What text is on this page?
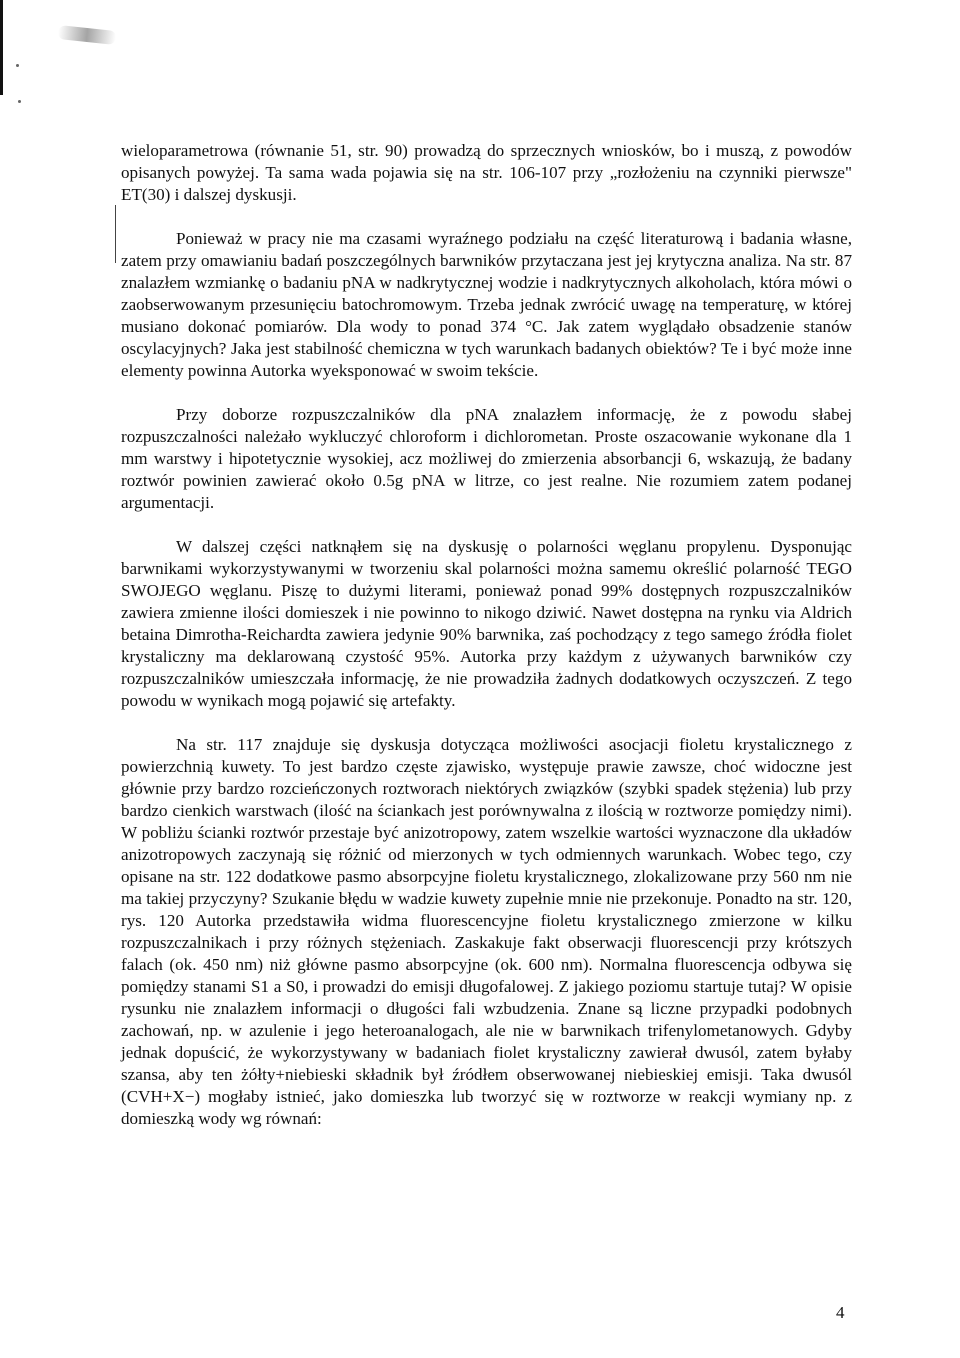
wieloparametrowa (równanie 51, str. 90) prowadzą do sprzecznych wniosków, bo i muszą, z powodów opisanych powyżej. Ta sama wada pojawia się na str. 106-107 przy „rozłożeniu na czynniki pierwsze" ET(30) i dalszej dyskusji.

Ponieważ w pracy nie ma czasami wyraźnego podziału na część literaturową i badania własne, zatem przy omawianiu badań poszczególnych barwników przytaczana jest jej krytyczna analiza. Na str. 87 znalazłem wzmiankę o badaniu pNA w nadkrytycznej wodzie i nadkrytycznych alkoholach, która mówi o zaobserwowanym przesunięciu batochromowym. Trzeba jednak zwrócić uwagę na temperaturę, w której musiano dokonać pomiarów. Dla wody to ponad 374 °C. Jak zatem wyglądało obsadzenie stanów oscylacyjnych? Jaka jest stabilność chemiczna w tych warunkach badanych obiektów? Te i być może inne elementy powinna Autorka wyeksponować w swoim tekście.

Przy doborze rozpuszczalników dla pNA znalazłem informację, że z powodu słabej rozpuszczalności należało wykluczyć chloroform i dichlorometan. Proste oszacowanie wykonane dla 1 mm warstwy i hipotetycznie wysokiej, acz możliwej do zmierzenia absorbancji 6, wskazują, że badany roztwór powinien zawierać około 0.5g pNA w litrze, co jest realne. Nie rozumiem zatem podanej argumentacji.

W dalszej części natknąłem się na dyskusję o polarności węglanu propylenu. Dysponując barwnikami wykorzystywanymi w tworzeniu skal polarności można samemu określić polarność TEGO SWOJEGO węglanu. Piszę to dużymi literami, ponieważ ponad 99% dostępnych rozpuszczalników zawiera zmienne ilości domieszek i nie powinno to nikogo dziwić. Nawet dostępna na rynku via Aldrich betaina Dimrotha-Reichardta zawiera jedynie 90% barwnika, zaś pochodzący z tego samego źródła fiolet krystaliczny ma deklarowaną czystość 95%. Autorka przy każdym z używanych barwników czy rozpuszczalników umieszczała informację, że nie prowadziła żadnych dodatkowych oczyszczeń. Z tego powodu w wynikach mogą pojawić się artefakty.

Na str. 117 znajduje się dyskusja dotycząca możliwości asocjacji fioletu krystalicznego z powierzchnią kuwety. To jest bardzo częste zjawisko, występuje prawie zawsze, choć widoczne jest głównie przy bardzo rozcieńczonych roztworach niektórych związków (szybki spadek stężenia) lub przy bardzo cienkich warstwach (ilość na ściankach jest porównywalna z ilością w roztworze pomiędzy nimi). W pobliżu ścianki roztwór przestaje być anizotropowy, zatem wszelkie wartości wyznaczone dla układów anizotropowych zaczynają się różnić od mierzonych w tych odmiennych warunkach. Wobec tego, czy opisane na str. 122 dodatkowe pasmo absorpcyjne fioletu krystalicznego, zlokalizowane przy 560 nm nie ma takiej przyczyny? Szukanie błędu w wadzie kuwety zupełnie mnie nie przekonuje. Ponadto na str. 120, rys. 120 Autorka przedstawiła widma fluorescencyjne fioletu krystalicznego zmierzone w kilku rozpuszczalnikach i przy różnych stężeniach. Zaskakuje fakt obserwacji fluorescencji przy krótszych falach (ok. 450 nm) niż główne pasmo absorpcyjne (ok. 600 nm). Normalna fluorescencja odbywa się pomiędzy stanami S1 a S0, i prowadzi do emisji długofalowej. Z jakiego poziomu startuje tutaj? W opisie rysunku nie znalazłem informacji o długości fali wzbudzenia. Znane są liczne przypadki podobnych zachowań, np. w azulenie i jego heteroanalogach, ale nie w barwnikach trifenylometanowych. Gdyby jednak dopuścić, że wykorzystywany w badaniach fiolet krystaliczny zawierał dwusól, zatem byłaby szansa, aby ten żółty+niebieski składnik był źródłem obserwowanej niebieskiej emisji. Taka dwusól (CVH+X−) mogłaby istnieć, jako domieszka lub tworzyć się w roztworze w reakcji wymiany np. z domieszką wody wg równań:

4
